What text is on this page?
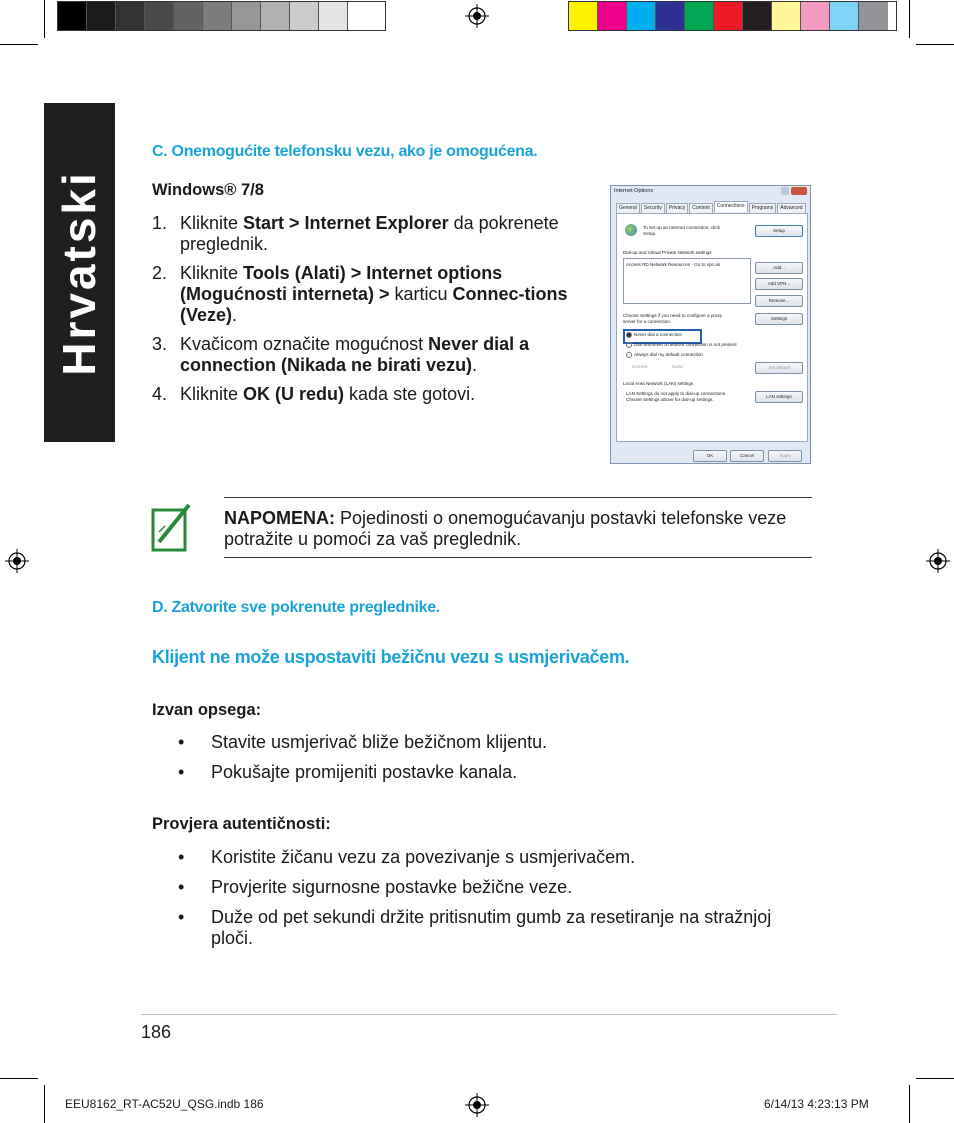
Hrvatski
C. Onemogućite telefonsku vezu, ako je omogućena.
Windows® 7/8
1. Kliknite Start > Internet Explorer da pokrenete preglednik.
2. Kliknite Tools (Alati) > Internet options (Mogućnosti interneta) > karticu Connec-tions (Veze).
3. Kvačicom označite mogućnost Never dial a connection (Nikada ne birati vezu).
4. Kliknite OK (U redu) kada ste gotovi.
Internet Options
General	Security	Privacy	Content	Connections	Programs	Advanced
To set up an Internet connection, click
Setup.
Setup
Dial-up and Virtual Private Network settings
Access RD Network Resources - Go to vpn.as
Add...
Add VPN...
Remove...
Choose Settings if you need to configure a proxy
server for a connection.
Settings
Never dial a connection
Dial whenever a network connection is not present
Always dial my default connection
Current	None	Set default
Local Area Network (LAN) settings
LAN Settings do not apply to dial-up connections.
Choose Settings above for dial-up settings.
LAN settings
OK	Cancel	Apply
NAPOMENA: Pojedinosti o onemogućavanju postavki telefonske veze potražite u pomoći za vaš preglednik.
D. Zatvorite sve pokrenute preglednike.
Klijent ne može uspostaviti bežičnu vezu s usmjerivačem.
Izvan opsega:
• Stavite usmjerivač bliže bežičnom klijentu.
• Pokušajte promijeniti postavke kanala.
Provjera autentičnosti:
• Koristite žičanu vezu za povezivanje s usmjerivačem.
• Provjerite sigurnosne postavke bežične veze.
• Duže od pet sekundi držite pritisnutim gumb za resetiranje na stražnjoj ploči.
186
EEU8162_RT-AC52U_QSG.indb 186	6/14/13 4:23:13 PM
